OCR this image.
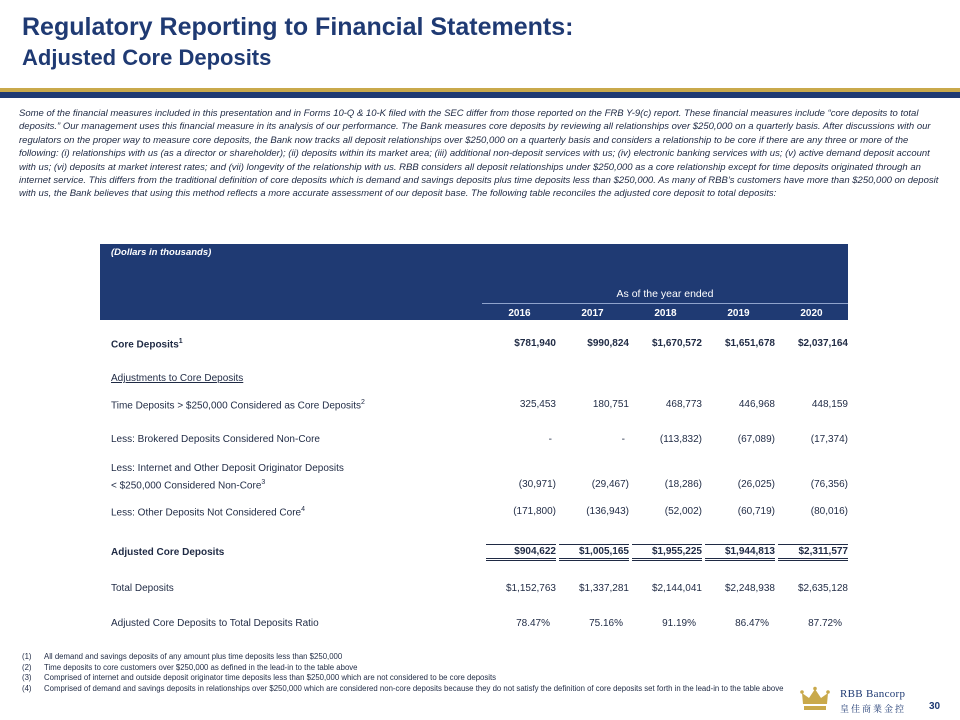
Regulatory Reporting to Financial Statements:
Adjusted Core Deposits
Some of the financial measures included in this presentation and in Forms 10-Q & 10-K filed with the SEC differ from those reported on the FRB Y-9(c) report. These financial measures include “core deposits to total deposits.” Our management uses this financial measure in its analysis of our performance. The Bank measures core deposits by reviewing all relationships over $250,000 on a quarterly basis. After discussions with our regulators on the proper way to measure core deposits, the Bank now tracks all deposit relationships over $250,000 on a quarterly basis and considers a relationship to be core if there are any three or more of the following: (i) relationships with us (as a director or shareholder); (ii) deposits within its market area; (iii) additional non-deposit services with us; (iv) electronic banking services with us; (v) active demand deposit account with us; (vi) deposits at market interest rates; and (vii) longevity of the relationship with us. RBB considers all deposit relationships under $250,000 as a core relationship except for time deposits originated through an internet service. This differs from the traditional definition of core deposits which is demand and savings deposits plus time deposits less than $250,000. As many of RBB’s customers have more than $250,000 on deposit with us, the Bank believes that using this method reflects a more accurate assessment of our deposit base. The following table reconciles the adjusted core deposit to total deposits:
(Dollars in thousands)
As of the year ended
2016	2017	2018	2019	2020
Core Deposits$^1$	$781,940	$990,824	$1,670,572	$1,651,678	$2,037,164
Adjustments to Core Deposits
Time Deposits > $250,000 Considered as Core Deposits$^2$	325,453	180,751	468,773	446,968	448,159
Less: Brokered Deposits Considered Non-Core	-	-	(113,832)	(67,089)	(17,374)
Less: Internet and Other Deposit Originator Deposits
< $250,000 Considered Non-Core$^3$	(30,971)	(29,467)	(18,286)	(26,025)	(76,356)
Less: Other Deposits Not Considered Core$^4$	(171,800)	(136,943)	(52,002)	(60,719)	(80,016)
Adjusted Core Deposits	$904,622	$1,005,165	$1,955,225	$1,944,813	$2,311,577
Total Deposits	$1,152,763	$1,337,281	$2,144,041	$2,248,938	$2,635,128
Adjusted Core Deposits to Total Deposits Ratio	78.47%	75.16%	91.19%	86.47%	87.72%
(1) All demand and savings deposits of any amount plus time deposits less than $250,000
(2) Time deposits to core customers over $250,000 as defined in the lead-in to the table above
(3) Comprised of internet and outside deposit originator time deposits less than $250,000 which are not considered to be core deposits
(4) Comprised of demand and savings deposits in relationships over $250,000 which are considered non-core deposits because they do not satisfy the definition of core deposits set forth in the lead-in to the table above	RBB Bancorp
皇佳商業金控 30
